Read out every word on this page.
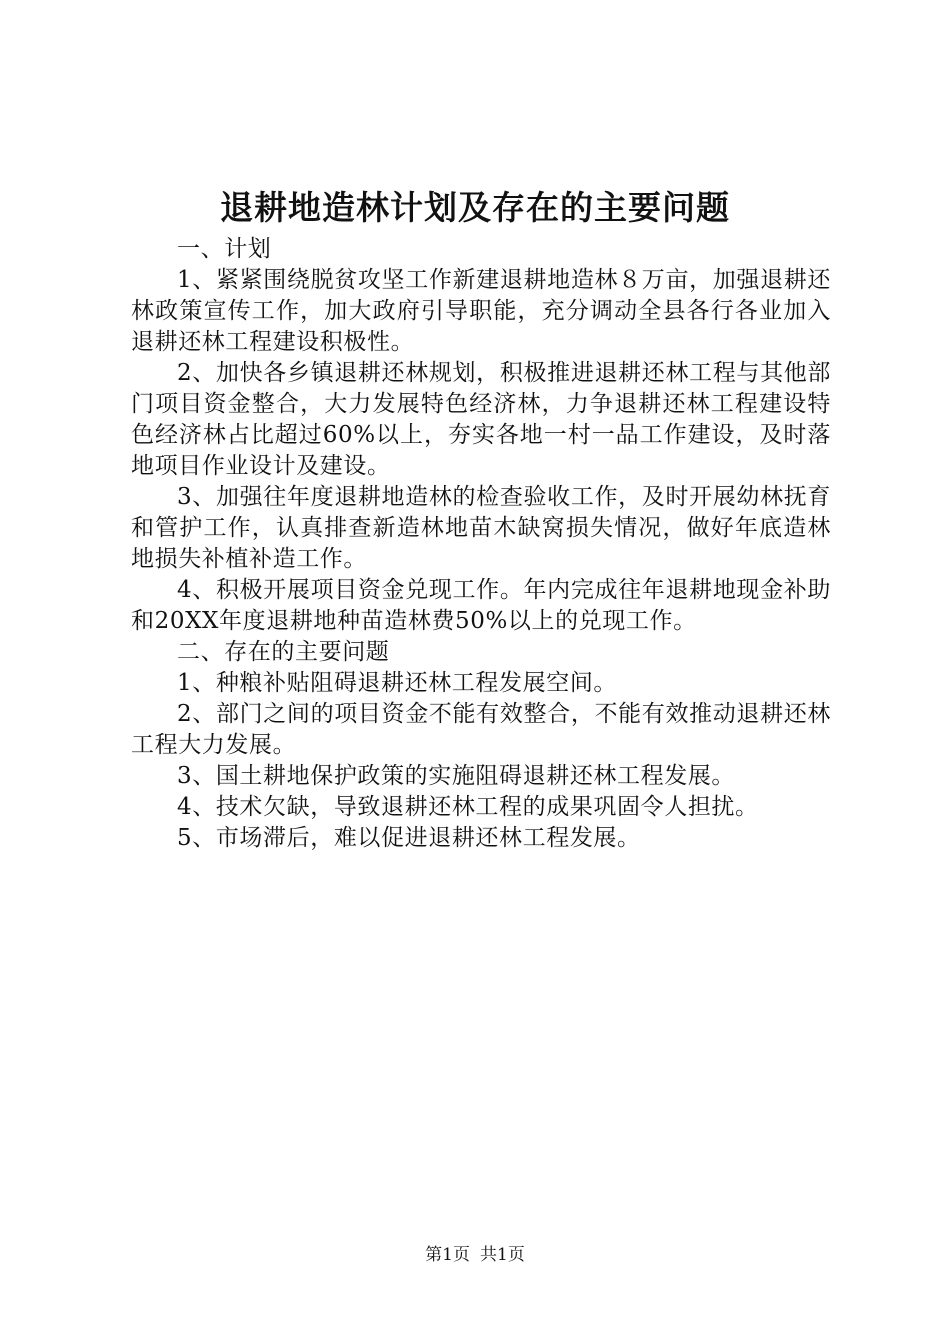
退耕地造林计划及存在的主要问题

一、计划

1、紧紧围绕脱贫攻坚工作新建退耕地造林８万亩，加强退耕还林政策宣传工作，加大政府引导职能，充分调动全县各行各业加入退耕还林工程建设积极性。

2、加快各乡镇退耕还林规划，积极推进退耕还林工程与其他部门项目资金整合，大力发展特色经济林，力争退耕还林工程建设特色经济林占比超过60%以上，夯实各地一村一品工作建设，及时落地项目作业设计及建设。

3、加强往年度退耕地造林的检查验收工作，及时开展幼林抚育和管护工作，认真排查新造林地苗木缺窝损失情况，做好年底造林地损失补植补造工作。

4、积极开展项目资金兑现工作。年内完成往年退耕地现金补助和20XX年度退耕地种苗造林费50%以上的兑现工作。

二、存在的主要问题

1、种粮补贴阻碍退耕还林工程发展空间。

2、部门之间的项目资金不能有效整合，不能有效推动退耕还林工程大力发展。

3、国土耕地保护政策的实施阻碍退耕还林工程发展。

4、技术欠缺，导致退耕还林工程的成果巩固令人担扰。

5、市场滞后，难以促进退耕还林工程发展。

第1页 共1页
